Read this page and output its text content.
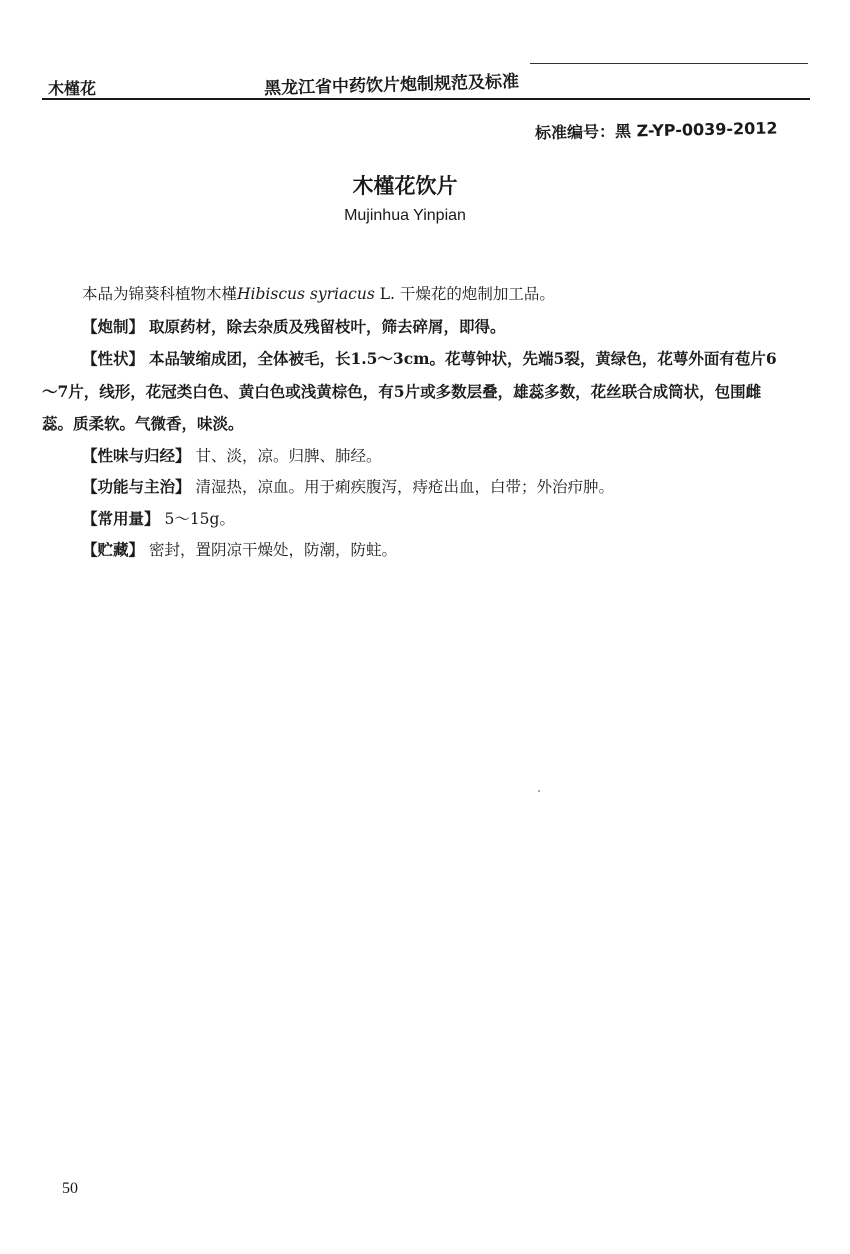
木槿花	黑龙江省中药饮片炮制规范及标准
标准编号：黑 Z-YP-0039-2012
木槿花饮片
Mujinhua Yinpian

本品为锦葵科植物木槿Hibiscus syriacus L. 干燥花的炮制加工品。

【炮制】 取原药材，除去杂质及残留枝叶，筛去碎屑，即得。

【性状】 本品皱缩成团，全体被毛，长1.5～3cm。花萼钟状，先端5裂，黄绿色，花萼外面有苞片6～7片，线形，花冠类白色、黄白色或浅黄棕色，有5片或多数层叠，雄蕊多数，花丝联合成筒状，包围雌蕊。质柔软。气微香，味淡。

【性味与归经】 甘、淡，凉。归脾、肺经。

【功能与主治】 清湿热，凉血。用于痢疾腹泻，痔疮出血，白带；外治疖肿。

【常用量】 5～15g。

【贮藏】 密封，置阴凉干燥处，防潮，防蛀。

50
